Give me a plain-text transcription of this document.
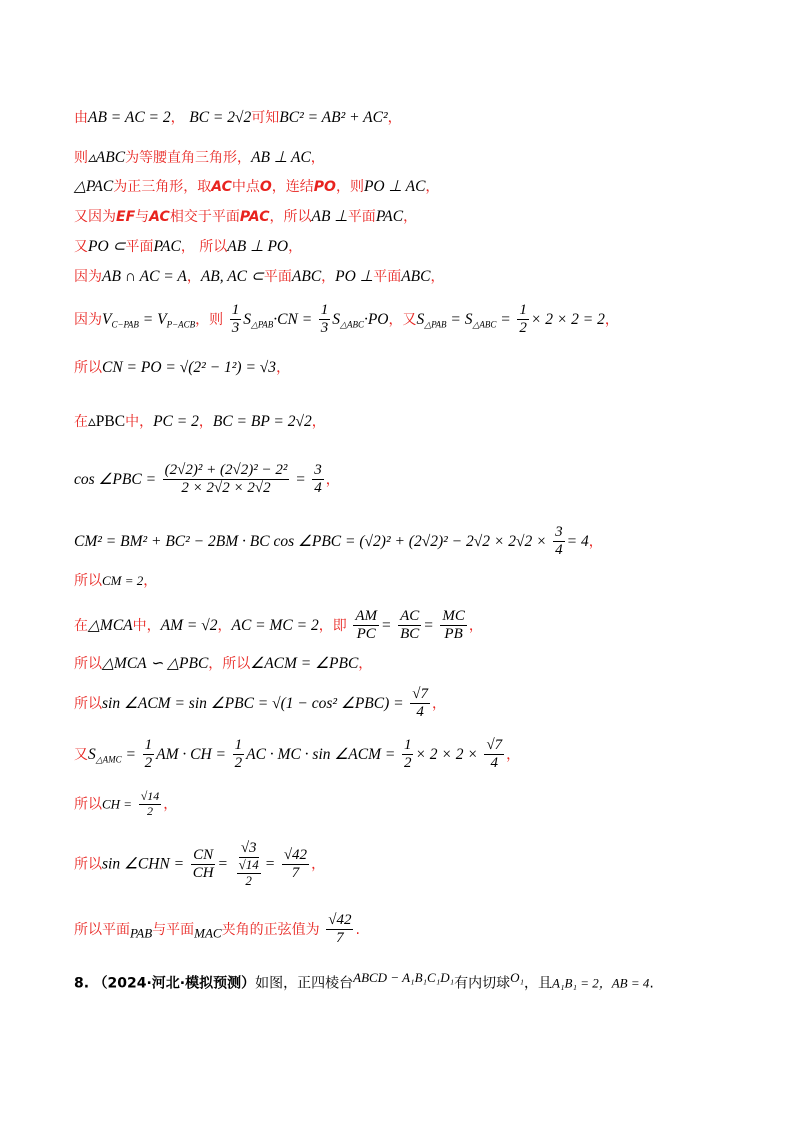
由AB = AC = 2， BC = 2√2可知BC² = AB² + AC²，
则▵ABC为等腰直角三角形，AB ⊥ AC，
△PAC为正三角形，取AC中点O，连结PO，则PO ⊥ AC，
又因为EF与AC相交于平面PAC，所以AB ⊥平面PAC，
又PO ⊂平面PAC， 所以AB ⊥ PO，
因为AB ∩ AC = A，AB, AC ⊂平面ABC，PO ⊥平面ABC，
因为$V_{C-PAB} = V_{P-ACB}$，则 $\frac{1}{3} S_{\triangle PAB}\cdot CN = \frac{1}{3} S_{\triangle ABC}\cdot PO$，又$S_{\triangle PAB} = S_{\triangle ABC} = \frac{1}{2} \times 2 \times 2 = 2$，
所以CN = PO = √(2² − 1²) = √3，
在▵PBC中，PC = 2，BC = BP = 2√2，
cos ∠PBC = $\frac{\text{(2√2)² + (2√2)² − 2²}}{2 \times 2√2 \times 2√2} = \frac{3}{4}$ ，
CM² = BM² + BC² − 2BM · BC cos ∠PBC = $(√2)^2 + (2√2)^2 - 2√2 \times 2√2 \times \frac{3}{4} = 4$，
所以CM = 2，
在△MCA中，AM = √2，AC = MC = 2，即 $\frac{AM}{PC} = \frac{AC}{BC} = \frac{MC}{PB}$ ，
所以△MCA ∽ △PBC，所以∠ACM = ∠PBC，
所以sin ∠ACM = sin ∠PBC = √(1 − cos² ∠PBC) = $\frac{√7}{4}$ ，
又$S_{\triangle AMC} = \frac{1}{2}$ AM · CH = $\frac{1}{2}$ AC · MC · sin ∠ACM = $\frac{1}{2} \times 2 \times 2 \times \frac{√7}{4}$ ，
所以CH = $\frac{√14}{2}$ ，
所以sin ∠CHN = $\frac{CN}{CH} = √3$
√14
$2 = \frac{√42}{7}$ ，
所以平面$_{PAB}$与平面$_{MAC}$夹角的正弦值为 $\frac{√42}{7}$ .
8. （2024·河北·模拟预测）如图，正四棱台$^{ABCD - A_1B_1C_1D_1}$有内切球$^{O_1}$，且A₁B₁ = 2，AB = 4.
